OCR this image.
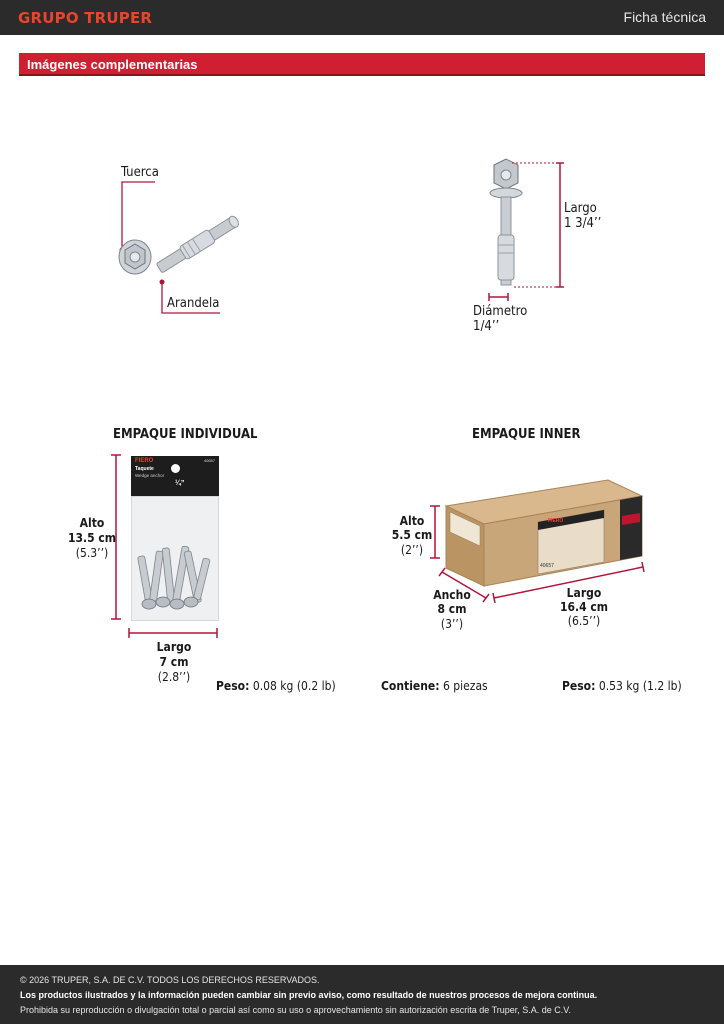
GRUPO TRUPER	Ficha técnica
Imágenes complementarias
Tuerca
Arandela
Largo
1 3/4’’
Diámetro
1/4’’
EMPAQUE INDIVIDUAL
FIERO	40657
Taquete
Wedge anchor
¼”
Alto
13.5 cm
(5.3’’)
Largo
7 cm
(2.8’’)
Peso: 0.08 kg (0.2 lb)
EMPAQUE INNER
FIERO
40657
Alto
5.5 cm
(2’’)
Ancho
8 cm
(3’’)
Largo
16.4 cm
(6.5’’)
Contiene: 6 piezas	Peso: 0.53 kg (1.2 lb)
© 2026 TRUPER, S.A. DE C.V. TODOS LOS DERECHOS RESERVADOS.
Los productos ilustrados y la información pueden cambiar sin previo aviso, como resultado de nuestros procesos de mejora continua.
Prohibida su reproducción o divulgación total o parcial así como su uso o aprovechamiento sin autorización escrita de Truper, S.A. de C.V.
